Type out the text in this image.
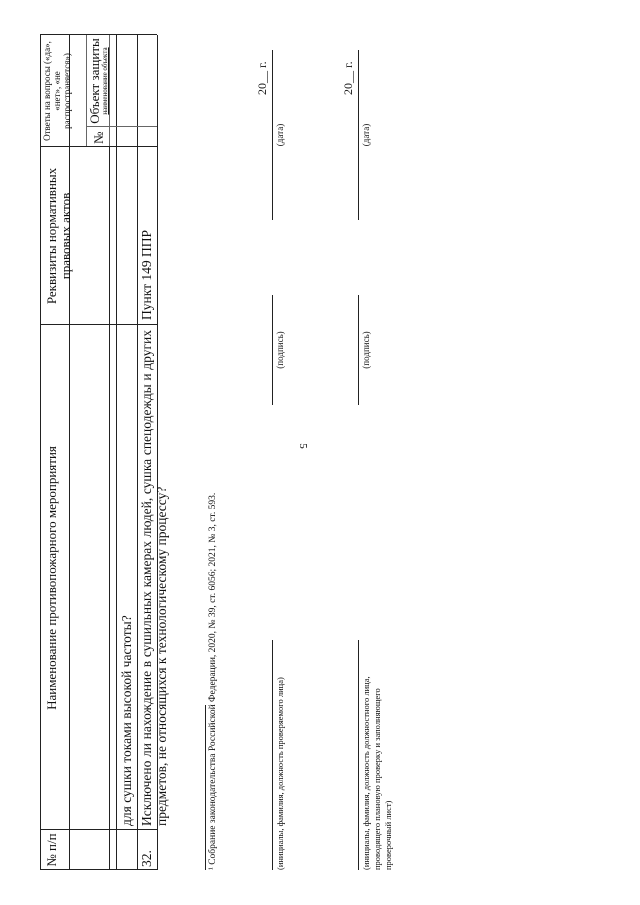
5
№ п/п
Наименование противопожарного мероприятия
Реквизиты нормативных правовых актов
Ответы на вопросы («да», «нет», «не распространяется»)
№
Объект защиты наименование объекта
для сушки токами высокой частоты?
32.
Исключено ли нахождение в сушильных камерах людей, сушка спецодежды и других предметов, не относящихся к технологическому процессу?
Пункт 149 ППР
¹ Собрание законодательства Российской Федерации, 2020, № 39, ст. 6056; 2021, № 3, ст. 593.	(инициалы, фамилия, должность проверяемого лица)
(подпись)
(дата)
20__ г.
(инициалы, фамилия, должность должностного лица, проводящего плановую проверку и заполняющего проверочный лист)
(подпись)
(дата)
20__ г.
